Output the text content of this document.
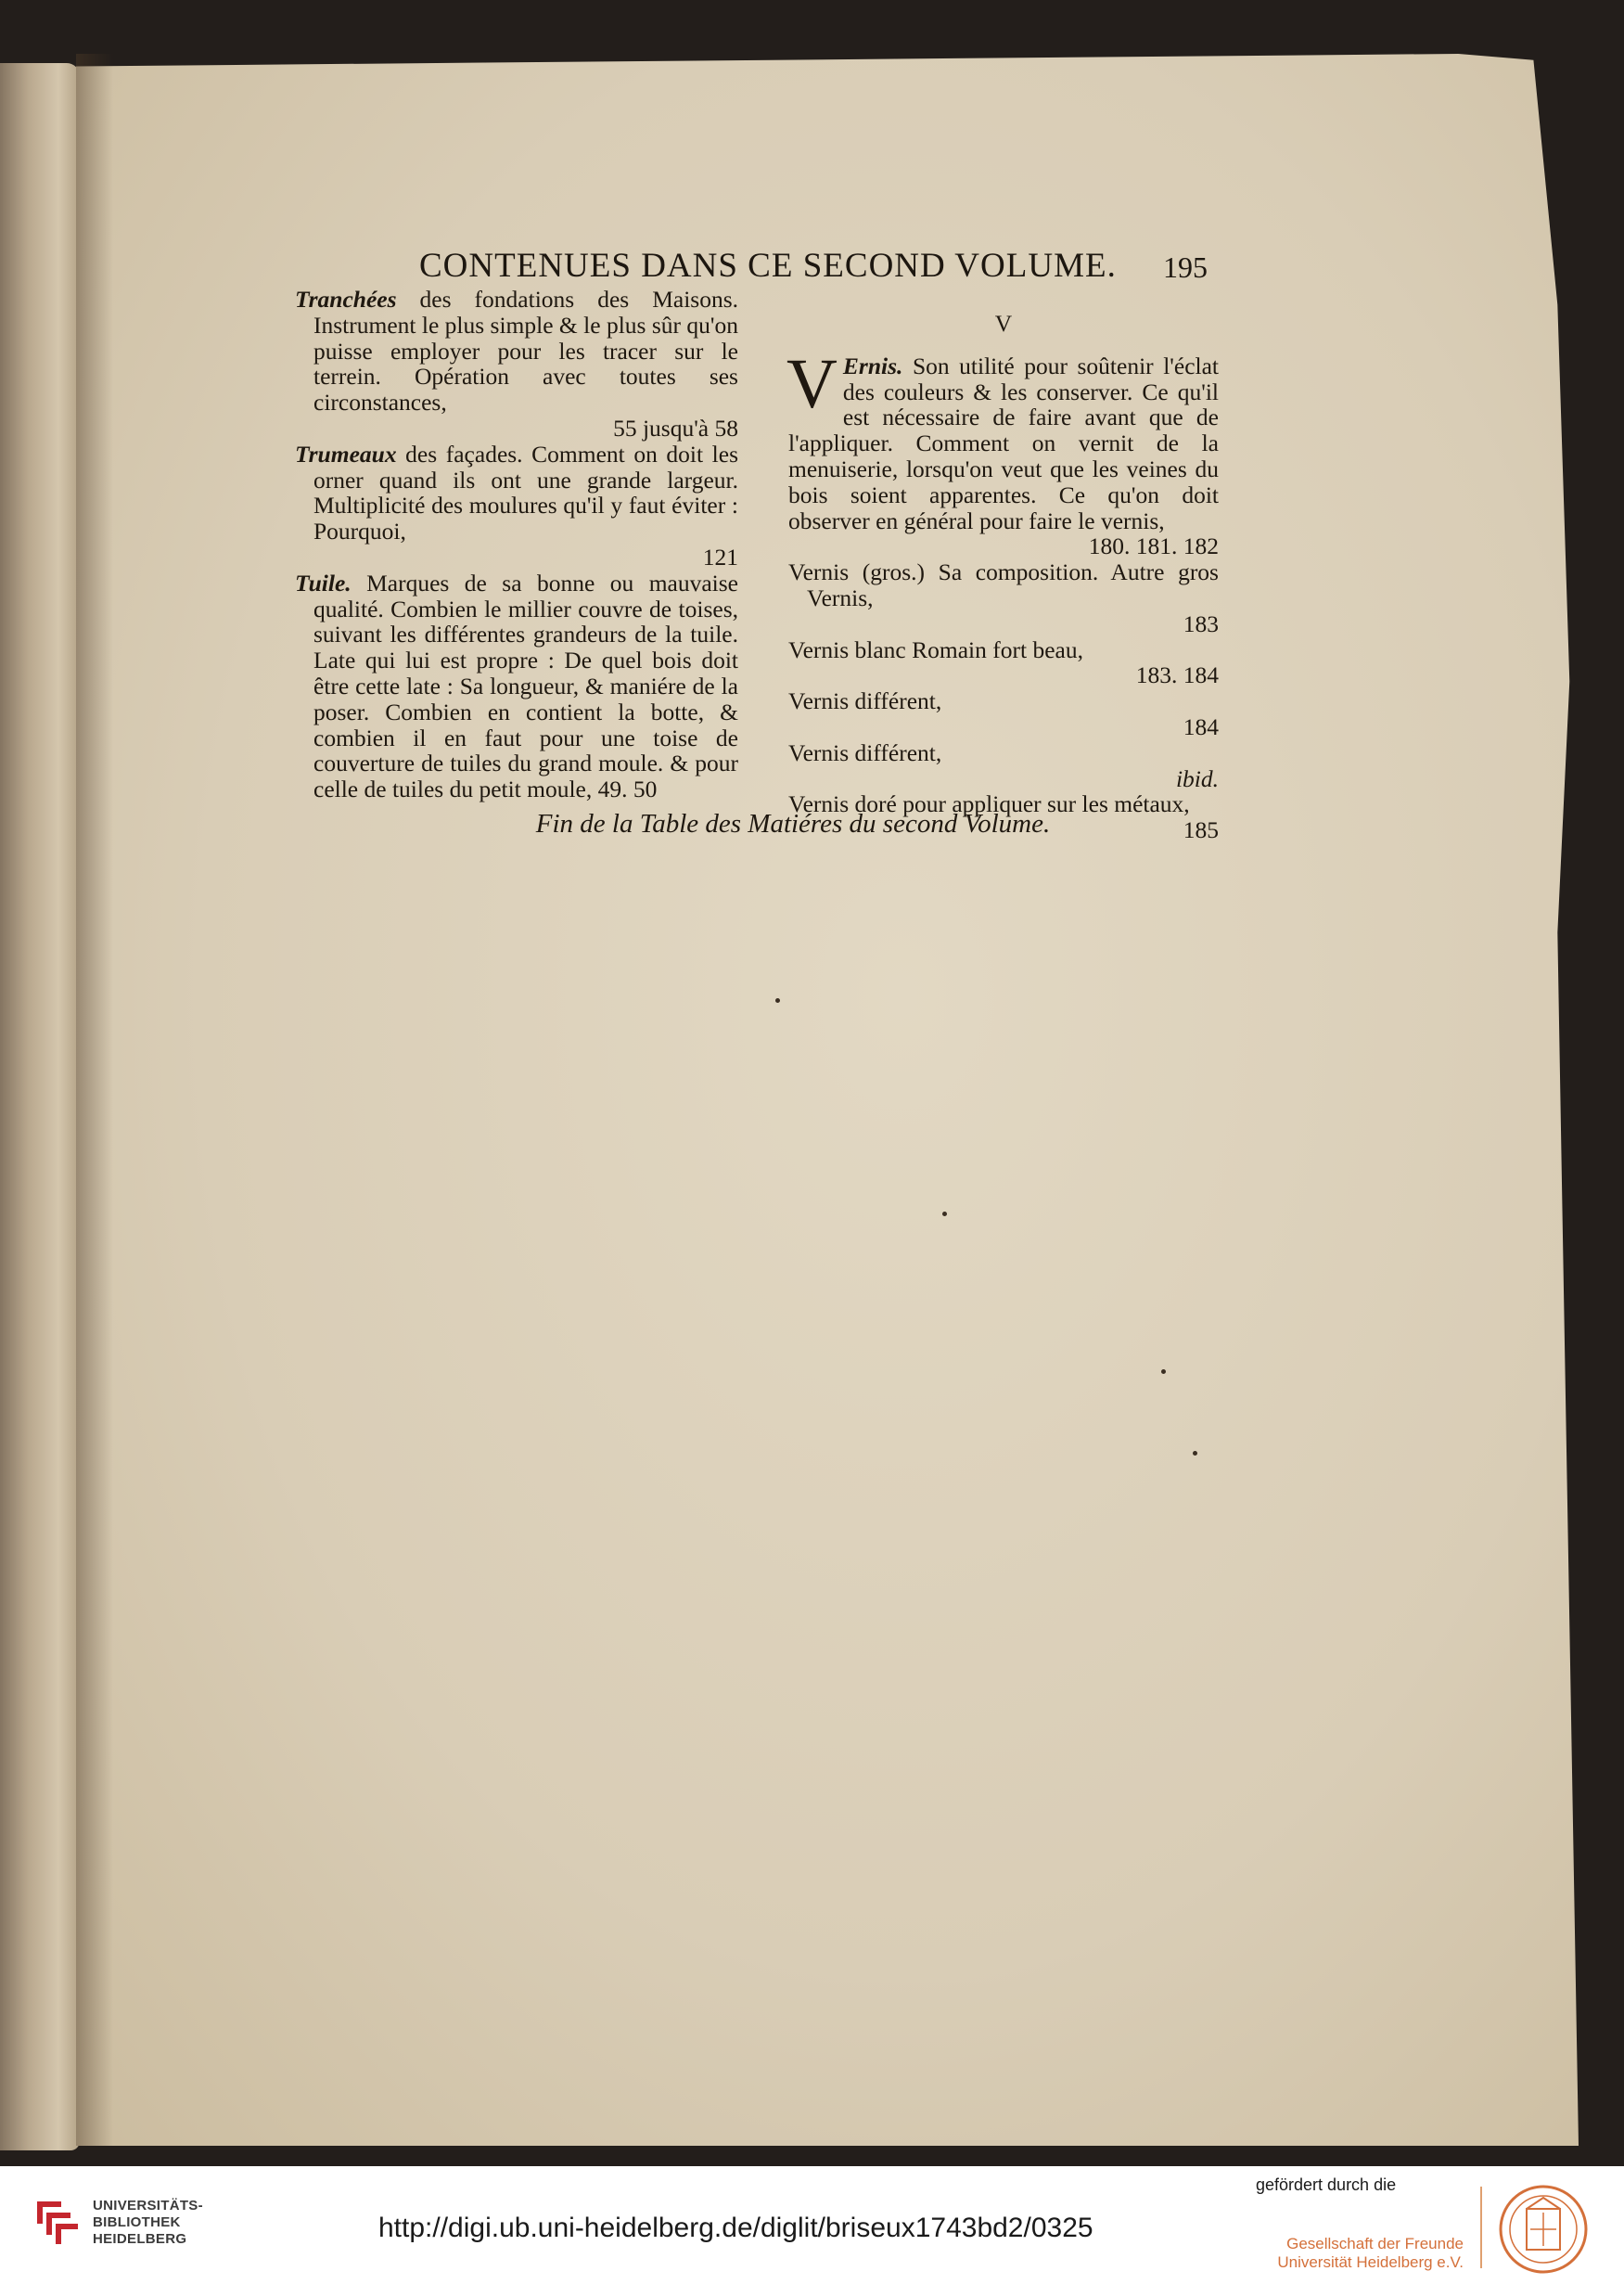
CONTENUES DANS CE SECOND VOLUME.	195

Tranchées des fondations des Maisons. Instrument le plus simple & le plus sûr qu'on puisse employer pour les tracer sur le terrein. Opération avec toutes ses circonstances,
55 jusqu'à 58

Trumeaux des façades. Comment on doit les orner quand ils ont une grande largeur. Multiplicité des moulures qu'il y faut éviter : Pourquoi,
121

Tuile. Marques de sa bonne ou mauvaise qualité. Combien le millier couvre de toises, suivant les différentes grandeurs de la tuile. Late qui lui est propre : De quel bois doit être cette late : Sa longueur, & maniére de la poser. Combien en contient la botte, & combien il en faut pour une toise de couverture de tuiles du grand moule. & pour celle de tuiles du petit moule, 49. 50

V

V Ernis. Son utilité pour soûtenir l'éclat des couleurs & les conserver. Ce qu'il est nécessaire de faire avant que de l'appliquer. Comment on vernit de la menuiserie, lorsqu'on veut que les veines du bois soient apparentes. Ce qu'on doit observer en général pour faire le vernis,
180. 181. 182

Vernis (gros.) Sa composition. Autre gros Vernis,
183

Vernis blanc Romain fort beau,
183. 184

Vernis différent,
184

Vernis différent,
ibid.

Vernis doré pour appliquer sur les métaux,
185

Fin de la Table des Matiéres du second Volume.
UNIVERSITÄTS-
BIBLIOTHEK
HEIDELBERG	http://digi.ub.uni-heidelberg.de/diglit/briseux1743bd2/0325
gefördert durch die
Gesellschaft der Freunde
Universität Heidelberg e.V.
